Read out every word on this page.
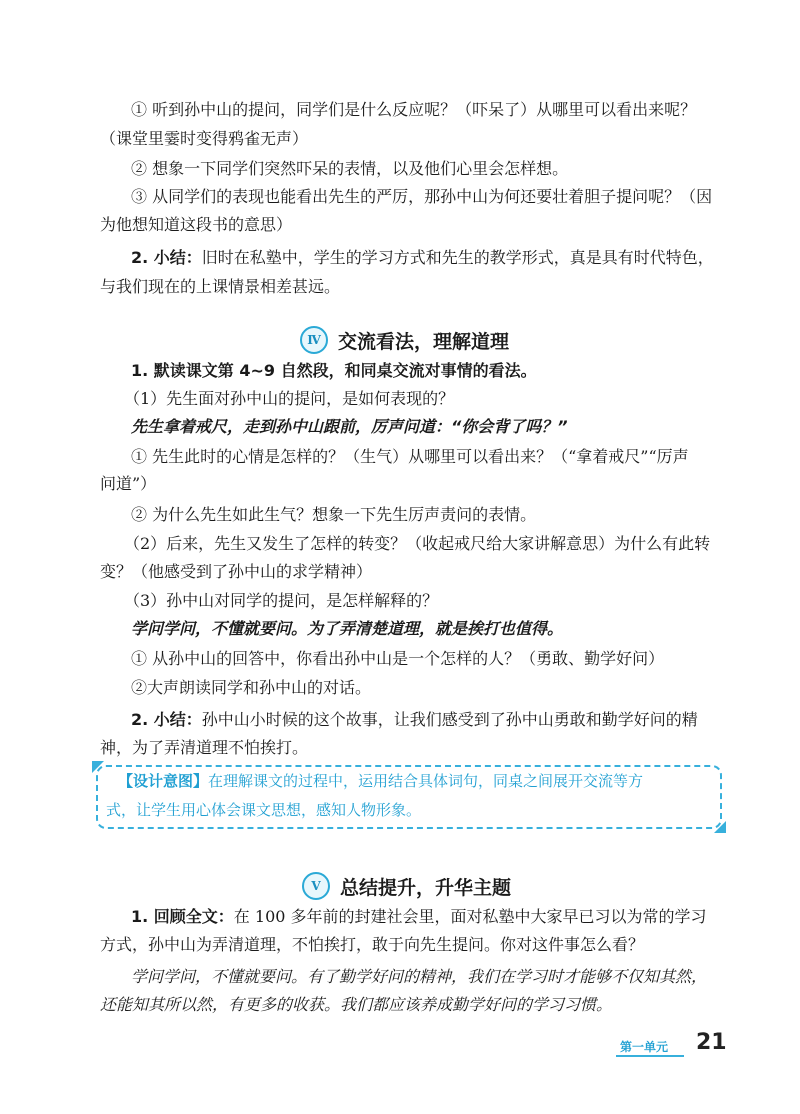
① 听到孙中山的提问，同学们是什么反应呢？（吓呆了）从哪里可以看出来呢？
（课堂里霎时变得鸦雀无声）
② 想象一下同学们突然吓呆的表情，以及他们心里会怎样想。
③ 从同学们的表现也能看出先生的严厉，那孙中山为何还要壮着胆子提问呢？（因
为他想知道这段书的意思）
2. 小结：旧时在私塾中，学生的学习方式和先生的教学形式，真是具有时代特色，
与我们现在的上课情景相差甚远。
Ⅳ 交流看法，理解道理
1. 默读课文第 4~9 自然段，和同桌交流对事情的看法。
（1）先生面对孙中山的提问，是如何表现的？
先生拿着戒尺，走到孙中山跟前，厉声问道：“你会背了吗？”
① 先生此时的心情是怎样的？（生气）从哪里可以看出来？（“拿着戒尺”“厉声
问道”）
② 为什么先生如此生气？想象一下先生厉声责问的表情。
（2）后来，先生又发生了怎样的转变？（收起戒尺给大家讲解意思）为什么有此转
变？（他感受到了孙中山的求学精神）
（3）孙中山对同学的提问，是怎样解释的？
学问学问，不懂就要问。为了弄清楚道理，就是挨打也值得。
① 从孙中山的回答中，你看出孙中山是一个怎样的人？（勇敢、勤学好问）
②大声朗读同学和孙中山的对话。
2. 小结：孙中山小时候的这个故事，让我们感受到了孙中山勇敢和勤学好问的精
神，为了弄清道理不怕挨打。
【设计意图】在理解课文的过程中，运用结合具体词句，同桌之间展开交流等方
式，让学生用心体会课文思想，感知人物形象。
Ⅴ	总结提升，升华主题
1. 回顾全文：在 100 多年前的封建社会里，面对私塾中大家早已习以为常的学习
方式，孙中山为弄清道理，不怕挨打，敢于向先生提问。你对这件事怎么看？
学问学问，不懂就要问。有了勤学好问的精神，我们在学习时才能够不仅知其然，
还能知其所以然，有更多的收获。我们都应该养成勤学好问的学习习惯。
第一单元 21
